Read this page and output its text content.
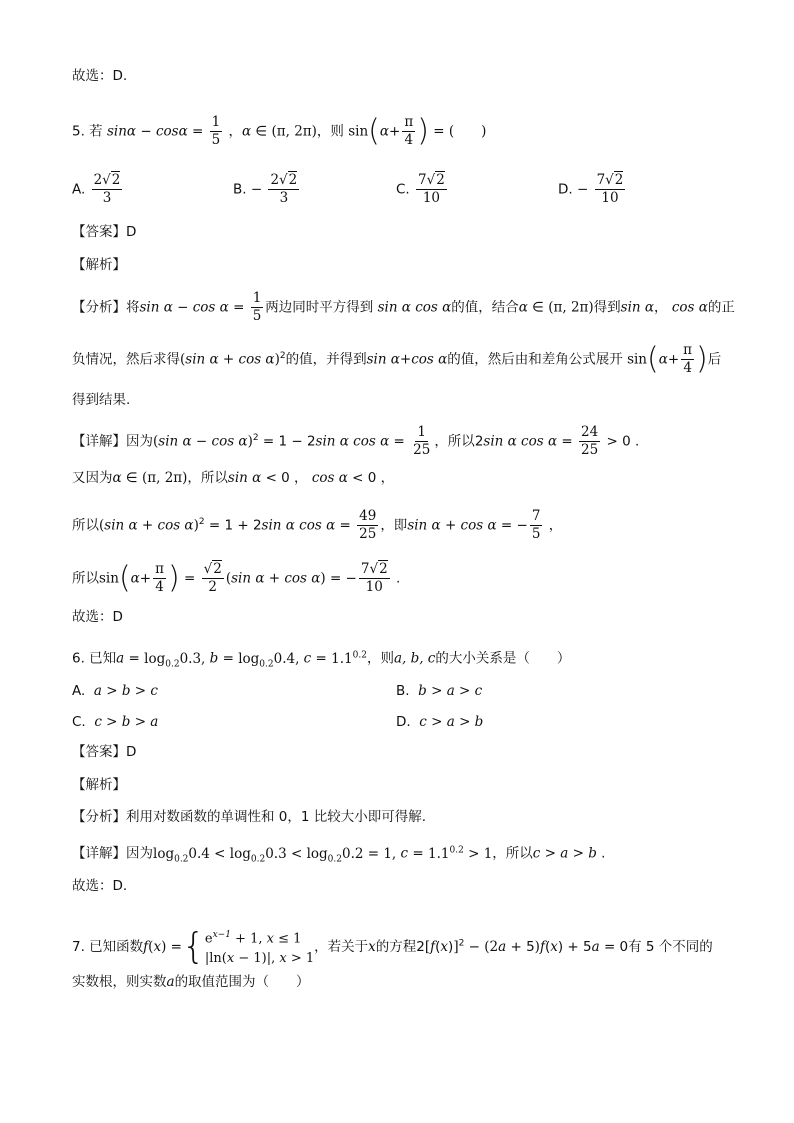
故选：D.
5. 若 $\sin\alpha - \cos\alpha = \frac{1}{5}$ ，α ∈ (π, 2π)，则 $\sin(\alpha+ \frac{\pi}{4}$ ) = (　　)
A. $\frac{2√2}{3}$	B. − $\frac{2√2}{3}$	C. $\frac{7√2}{10}$	D. − $\frac{7√2}{10}$
【答案】D
【解析】
【分析】将$\sin \alpha - \cos \alpha = \frac{1}{5}$ 两边同时平方得到 sin α cos α的值，结合α ∈ (π, 2π)得到sin α， cos α的正
负情况，然后求得(sin α + cos α)$^2$的值，并得到sin α+cos α的值，然后由和差角公式展开 $\sin(\alpha+ \frac{\pi}{4}$ )后
得到结果.
【详解】因为(sin α − cos α)$^2$ = 1 − 2sin α $\cos \alpha = \frac{1}{25}$ ，所以2sin α $\cos \alpha = \frac{24}{25} > 0$ .
又因为α ∈ (π, 2π)，所以sin α < 0 ， cos α < 0 ，
所以(sin α + cos α)$^2$ = 1 + 2sin α $\cos \alpha = \frac{49}{25}$ ，即sin α + cos α = − $\frac{7}{5}$ ，
所以$\sin(\alpha+ \frac{\pi}{4}$ ) = $\frac{√2}{2} (\sin$ α + cos α) = − $\frac{7√2}{10}$ .
故选：D
6. 已知$a = \log_{0.2}0.3$, $b = \log_{0.2}0.4$, $c = 1.1^{0.2}$，则a, b, c的大小关系是（　　）
A. a > b > c	B. b > a > c
C. c > b > a	D. c > a > b
【答案】D
【解析】
【分析】利用对数函数的单调性和 0，1 比较大小即可得解.
【详解】因为$\log_{0.2}0.4 < \log_{0.2}0.3 < \log_{0.2}0.2 = 1$, $c = 1.1^{0.2} > 1$，所以c > a > b .
故选：D.
7. 已知函数f(x) ={ $e^{x-1} + 1$, x ≤ 1
|ln(x − 1)|, x > 1
，若关于x的方程$2[f(x)]^2 - (2a + 5)f(x) + 5a = 0$有 5 个不同的
实数根，则实数a的取值范围为（　　）
